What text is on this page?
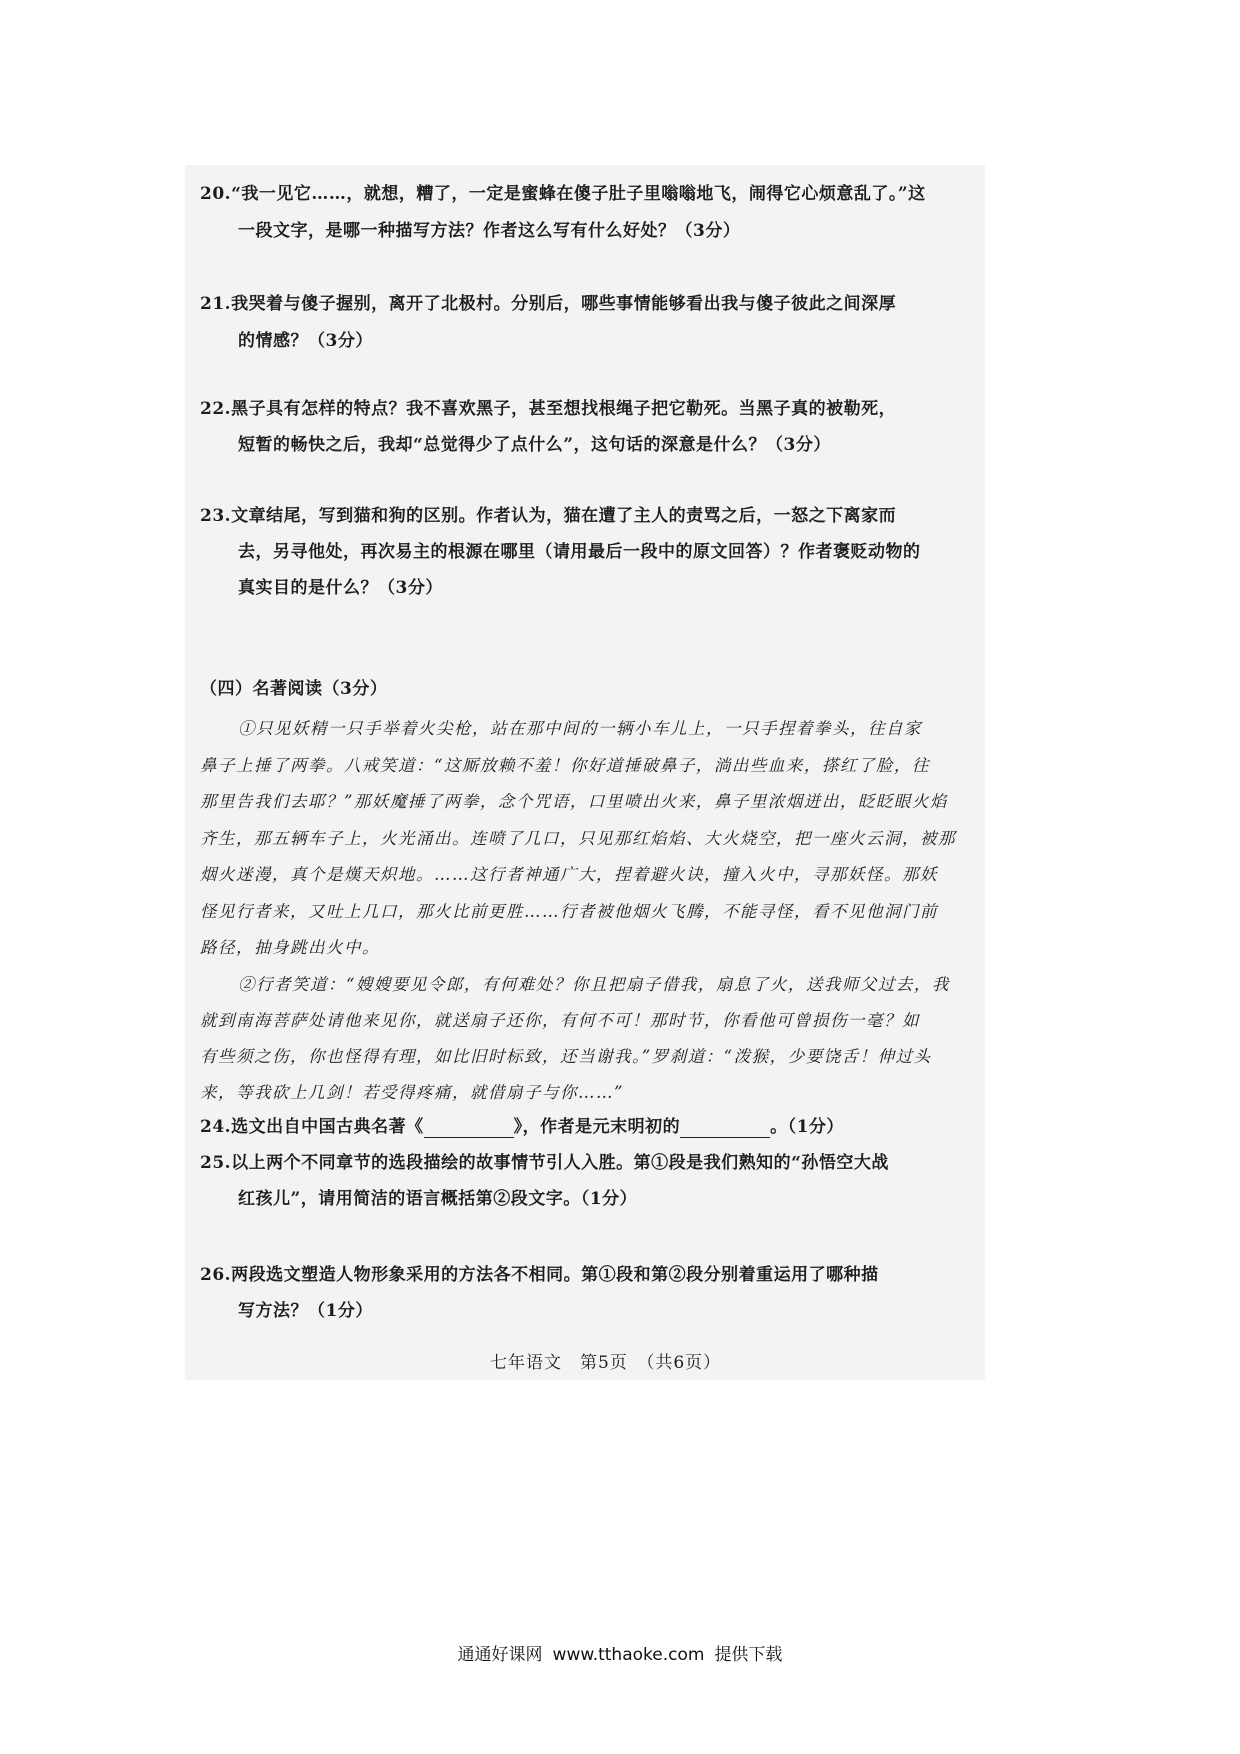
20.“我一见它……，就想，糟了，一定是蜜蜂在傻子肚子里嗡嗡地飞，闹得它心烦意乱了。”这
一段文字，是哪一种描写方法？作者这么写有什么好处？（3分）
21.我哭着与傻子握别，离开了北极村。分别后，哪些事情能够看出我与傻子彼此之间深厚
的情感？（3分）
22.黑子具有怎样的特点？我不喜欢黑子，甚至想找根绳子把它勒死。当黑子真的被勒死，
短暂的畅快之后，我却“总觉得少了点什么”，这句话的深意是什么？（3分）
23.文章结尾，写到猫和狗的区别。作者认为，猫在遭了主人的责骂之后，一怒之下离家而
去，另寻他处，再次易主的根源在哪里（请用最后一段中的原文回答）？作者褒贬动物的
真实目的是什么？（3分）
（四）名著阅读（3分）
①只见妖精一只手举着火尖枪，站在那中间的一辆小车儿上，一只手捏着拳头，往自家
鼻子上捶了两拳。八戒笑道：“这厮放赖不羞！你好道捶破鼻子，淌出些血来，搽红了脸，往
那里告我们去耶？”那妖魔捶了两拳，念个咒语，口里喷出火来，鼻子里浓烟迸出，眨眨眼火焰
齐生，那五辆车子上，火光涌出。连喷了几口，只见那红焰焰、大火烧空，把一座火云洞，被那
烟火迷漫，真个是熯天炽地。……这行者神通广大，捏着避火诀，撞入火中，寻那妖怪。那妖
怪见行者来，又吐上几口，那火比前更胜……行者被他烟火飞腾，不能寻怪，看不见他洞门前
路径，抽身跳出火中。
②行者笑道：“嫂嫂要见令郎，有何难处？你且把扇子借我，扇息了火，送我师父过去，我
就到南海菩萨处请他来见你，就送扇子还你，有何不可！那时节，你看他可曾损伤一毫？如
有些须之伤，你也怪得有理，如比旧时标致，还当谢我。”罗刹道：“泼猴，少要饶舌！伸过头
来，等我砍上几剑！若受得疼痛，就借扇子与你……”
24.选文出自中国古典名著《	》，作者是元末明初的	。（1分）
25.以上两个不同章节的选段描绘的故事情节引人入胜。第①段是我们熟知的“孙悟空大战
红孩儿”，请用简洁的语言概括第②段文字。（1分）
26.两段选文塑造人物形象采用的方法各不相同。第①段和第②段分别着重运用了哪种描
写方法？（1分）
七年语文　第5页　（共6页）
通通好课网 www.tthaoke.com 提供下载
